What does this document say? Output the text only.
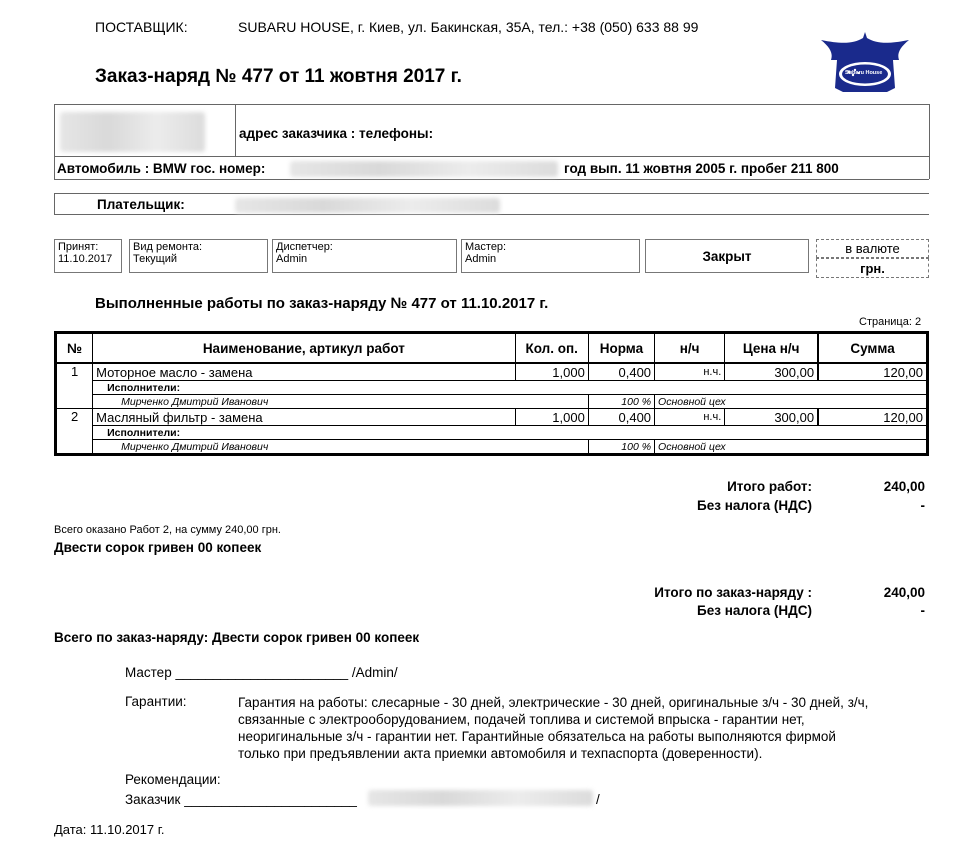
ПОСТАВЩИК:	SUBARU HOUSE, г. Киев, ул. Бакинская, 35А, тел.: +38 (050) 633 88 99
Заказ-наряд № 477 от 11 жовтня 2017 г.	Subaru House
адрес заказчика : телефоны:
Автомобиль : BMW гос. номер:	год вып. 11 жовтня 2005 г. пробег 211 800
Плательщик:
Принят:
11.10.2017
Вид ремонта:
Текущий
Диспетчер:
Admin
Мастер:
Admin	Закрыт
в валюте
грн.
Выполненные работы по заказ-наряду № 477 от 11.10.2017 г.
Страница: 2
№	Наименование, артикул работ	Кол. оп.	Норма	н/ч	Цена н/ч	Сумма
1	Моторное масло - замена	1,000	0,400	н.ч.	300,00	120,00
	Исполнители:					
	Мирченко Дмитрий Иванович		100 %	Основной цех		
2	Масляный фильтр - замена	1,000	0,400	н.ч.	300,00	120,00
	Исполнители:					
	Мирченко Дмитрий Иванович		100 %	Основной цех		
Итого работ:	240,00
Без налога (НДС)	-
Всего оказано Работ 2, на сумму 240,00 грн.
Двести сорок гривен 00 копеек
Итого по заказ-наряду :	240,00
Без налога (НДС)	-
Всего по заказ-наряду: Двести сорок гривен 00 копеек
Мастер _______________________ /Admin/
Гарантии:	Гарантия на работы: слесарные - 30 дней, электрические - 30 дней, оригинальные з/ч - 30 дней, з/ч,
связанные с электрооборудованием, подачей топлива и системой впрыска - гарантии нет,
неоригинальные з/ч - гарантии нет. Гарантийные обязательса на работы выполняются фирмой
только при предъявлении акта приемки автомобиля и техпаспорта (доверенности).
Рекомендации:
Заказчик _______________________	/
Дата: 11.10.2017 г.
